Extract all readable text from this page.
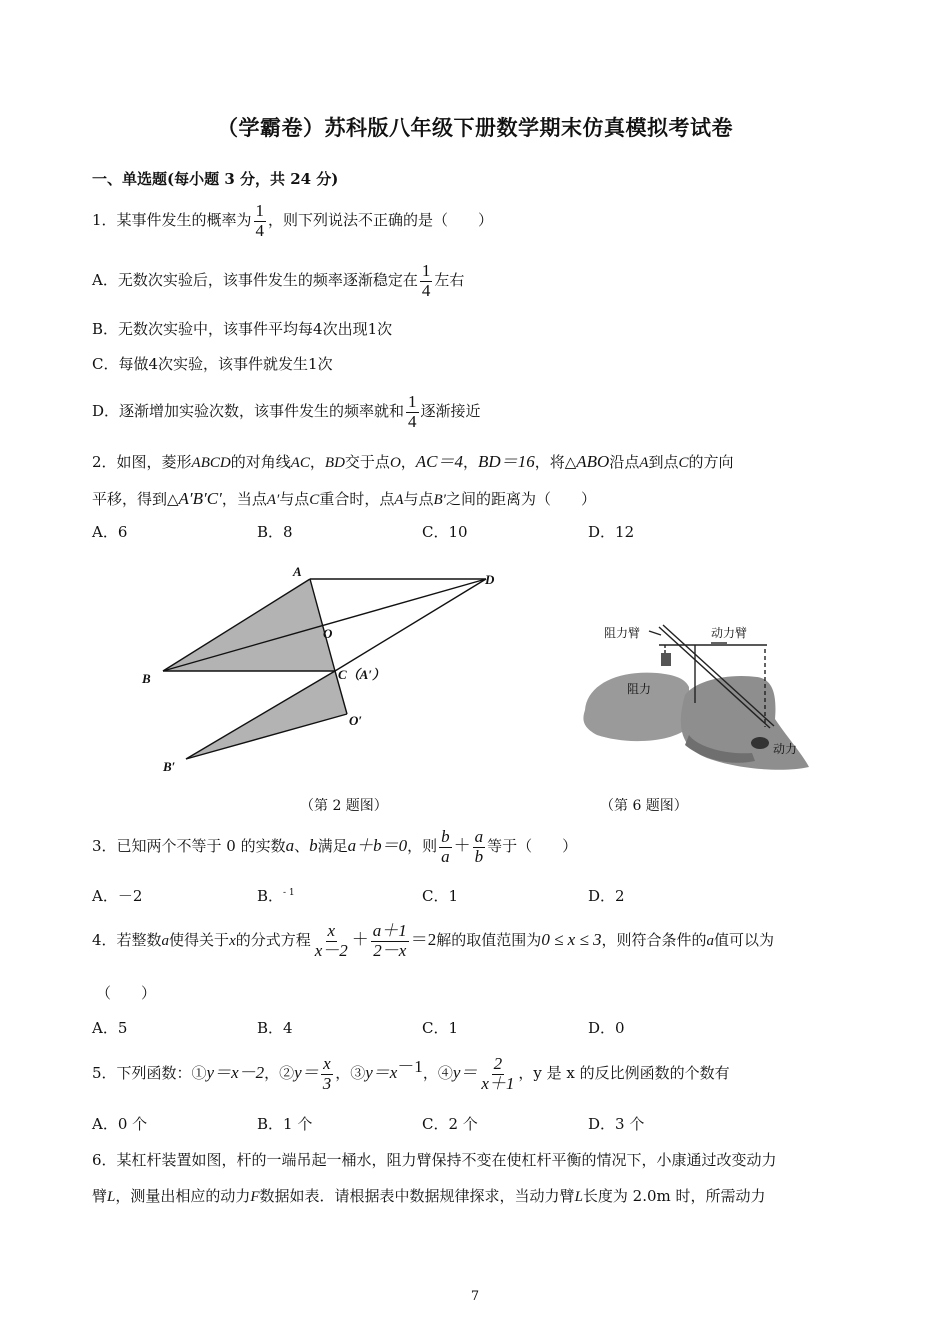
（学霸卷）苏科版八年级下册数学期末仿真模拟考试卷
一、单选题(每小题 3 分，共 24 分)
1．某事件发生的概率为 $\frac{1}{4}$ ，则下列说法不正确的是（　　）
A．无数次实验后，该事件发生的频率逐渐稳定在 $\frac{1}{4}$ 左右
B．无数次实验中，该事件平均每4次出现1次
C．每做4次实验，该事件就发生1次
D．逐渐增加实验次数，该事件发生的频率就和 $\frac{1}{4}$ 逐渐接近
2．如图，菱形ABCD的对角线AC，BD交于点O，AC＝4，BD＝16，将△ABO沿点A到点C的方向
平移，得到△A′B′C′，当点A′与点C重合时，点A与点B′之间的距离为（　　）
A．6	B．8	C．10	D．12
A
D
O
B	C（A′）
O′
B′
阻力臂	动力臂
阻力
动力
（第 2 题图）	（第 6 题图）
3．已知两个不等于 0 的实数a、b满足a＋b＝0，则 $\frac{b}{a} + \frac{a}{b}$ 等于（　　）
A．－2	B．$^{- 1}$	C．1	D．2
4．若整数a使得关于x的分式方程 $\frac{x}{x-2} + \frac{a+1}{2-x} =2$解的取值范围为0 ≤ x ≤ 3，则符合条件的a值可以为
（　　）
A．5	B．4	C．1	D．0
5．下列函数：①y＝x－2，②y＝ $\frac{x}{3}$ ，$③y=x^{-1}$，④y＝ $\frac{2}{x+1}$ ，y 是 x 的反比例函数的个数有
A．0 个	B．1 个	C．2 个	D．3 个
6．某杠杆装置如图，杆的一端吊起一桶水，阻力臂保持不变在使杠杆平衡的情况下，小康通过改变动力
臂L，测量出相应的动力F数据如表．请根据表中数据规律探求，当动力臂L长度为 2.0m 时，所需动力
7
